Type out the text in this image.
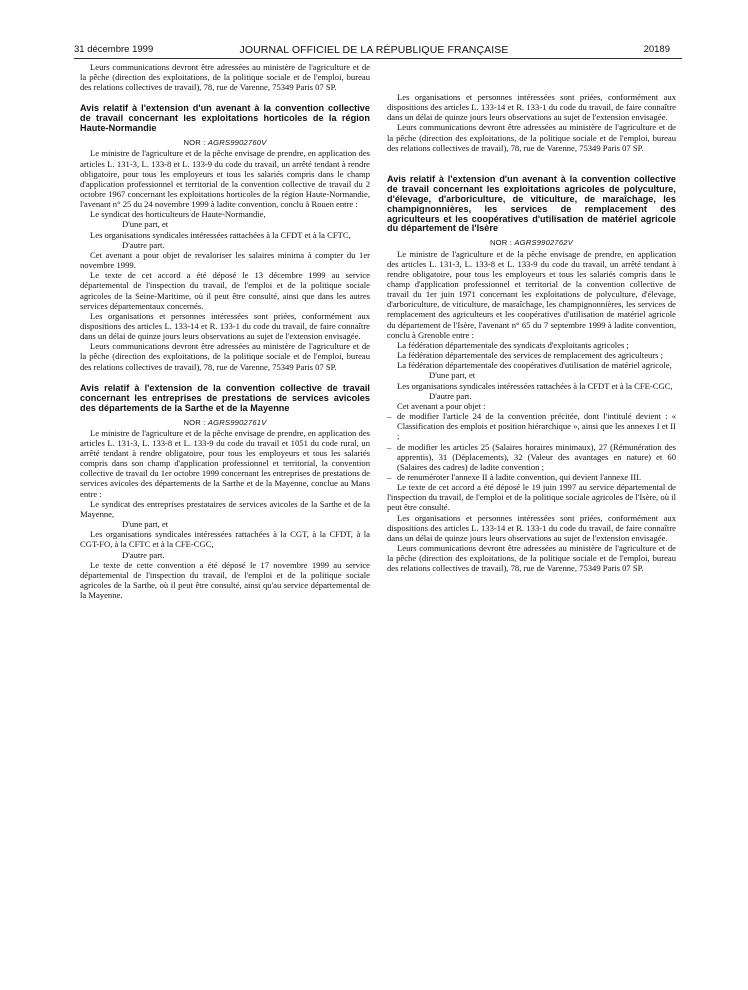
JOURNAL OFFICIEL DE LA RÉPUBLIQUE FRANÇAISE
31 décembre 1999	20189

Leurs communications devront être adressées au ministère de l'agriculture et de la pêche (direction des exploitations, de la politique sociale et de l'emploi, bureau des relations collectives de travail), 78, rue de Varenne, 75349 Paris 07 SP.

Avis relatif à l'extension d'un avenant à la convention collective de travail concernant les exploitations horticoles de la région Haute-Normandie

NOR : AGRS9902760V

Le ministre de l'agriculture et de la pêche envisage de prendre, en application des articles L. 131-3, L. 133-8 et L. 133-9 du code du travail, un arrêté tendant à rendre obligatoire, pour tous les employeurs et tous les salariés compris dans le champ d'application professionnel et territorial de la convention collective de travail du 2 octobre 1967 concernant les exploitations horticoles de la région Haute-Normandie, l'avenant n° 25 du 24 novembre 1999 à ladite convention, conclu à Rouen entre :

Le syndicat des horticulteurs de Haute-Normandie,

D'une part, et

Les organisations syndicales intéressées rattachées à la CFDT et à la CFTC,

D'autre part.

Cet avenant a pour objet de revaloriser les salaires minima à compter du 1er novembre 1999.

Le texte de cet accord a été déposé le 13 décembre 1999 au service départemental de l'inspection du travail, de l'emploi et de la politique sociale agricoles de la Seine-Maritime, où il peut être consulté, ainsi que dans les autres services départementaux concernés.

Les organisations et personnes intéressées sont priées, conformément aux dispositions des articles L. 133-14 et R. 133-1 du code du travail, de faire connaître dans un délai de quinze jours leurs observations au sujet de l'extension envisagée.

Leurs communications devront être adressées au ministère de l'agriculture et de la pêche (direction des exploitations, de la politique sociale et de l'emploi, bureau des relations collectives de travail), 78, rue de Varenne, 75349 Paris 07 SP.

Avis relatif à l'extension de la convention collective de travail concernant les entreprises de prestations de services avicoles des départements de la Sarthe et de la Mayenne

NOR : AGRS9902761V

Le ministre de l'agriculture et de la pêche envisage de prendre, en application des articles L. 131-3, L. 133-8 et L. 133-9 du code du travail et 1051 du code rural, un arrêté tendant à rendre obligatoire, pour tous les employeurs et tous les salariés compris dans son champ d'application professionnel et territorial, la convention collective de travail du 1er octobre 1999 concernant les entreprises de prestations de services avicoles des départements de la Sarthe et de la Mayenne, conclue au Mans entre :

Le syndicat des entreprises prestataires de services avicoles de la Sarthe et de la Mayenne,

D'une part, et

Les organisations syndicales intéressées rattachées à la CGT, à la CFDT, à la CGT-FO, à la CFTC et à la CFE-CGC,

D'autre part.

Le texte de cette convention a été déposé le 17 novembre 1999 au service départemental de l'inspection du travail, de l'emploi et de la politique sociale agricoles de la Sarthe, où il peut être consulté, ainsi qu'au service départemental de la Mayenne.

Les organisations et personnes intéressées sont priées, conformément aux dispositions des articles L. 133-14 et R. 133-1 du code du travail, de faire connaître dans un délai de quinze jours leurs observations au sujet de l'extension envisagée.

Leurs communications devront être adressées au ministère de l'agriculture et de la pêche (direction des exploitations, de la politique sociale et de l'emploi, bureau des relations collectives de travail), 78, rue de Varenne, 75349 Paris 07 SP.

Avis relatif à l'extension d'un avenant à la convention collective de travail concernant les exploitations agricoles de polyculture, d'élevage, d'arboriculture, de viticulture, de maraîchage, les champignonnières, les services de remplacement des agriculteurs et les coopératives d'utilisation de matériel agricole du département de l'Isère

NOR : AGRS9902762V

Le ministre de l'agriculture et de la pêche envisage de prendre, en application des articles L. 131-3, L. 133-8 et L. 133-9 du code du travail, un arrêté tendant à rendre obligatoire, pour tous les employeurs et tous les salariés compris dans le champ d'application professionnel et territorial de la convention collective de travail du 1er juin 1971 concernant les exploitations de polyculture, d'élevage, d'arboriculture, de viticulture, de maraîchage, les champignonnières, les services de remplacement des agriculteurs et les coopératives d'utilisation de matériel agricole du département de l'Isère, l'avenant n° 65 du 7 septembre 1999 à ladite convention, conclu à Grenoble entre :

La fédération départementale des syndicats d'exploitants agricoles ;

La fédération départementale des services de remplacement des agriculteurs ;

La fédération départementale des coopératives d'utilisation de matériel agricole,

D'une part, et

Les organisations syndicales intéressées rattachées à la CFDT et à la CFE-CGC,

D'autre part.

Cet avenant a pour objet :

– de modifier l'article 24 de la convention précitée, dont l'intitulé devient : « Classification des emplois et position hiérarchique », ainsi que les annexes I et II ;

– de modifier les articles 25 (Salaires horaires minimaux), 27 (Rémunération des apprentis), 31 (Déplacements), 32 (Valeur des avantages en nature) et 60 (Salaires des cadres) de ladite convention ;

– de renuméroter l'annexe II à ladite convention, qui devient l'annexe III.

Le texte de cet accord a été déposé le 19 juin 1997 au service départemental de l'inspection du travail, de l'emploi et de la politique sociale agricoles de l'Isère, où il peut être consulté.

Les organisations et personnes intéressées sont priées, conformément aux dispositions des articles L. 133-14 et R. 133-1 du code du travail, de faire connaître dans un délai de quinze jours leurs observations au sujet de l'extension envisagée.

Leurs communications devront être adressées au ministère de l'agriculture et de la pêche (direction des exploitations, de la politique sociale et de l'emploi, bureau des relations collectives de travail), 78, rue de Varenne, 75349 Paris 07 SP.
